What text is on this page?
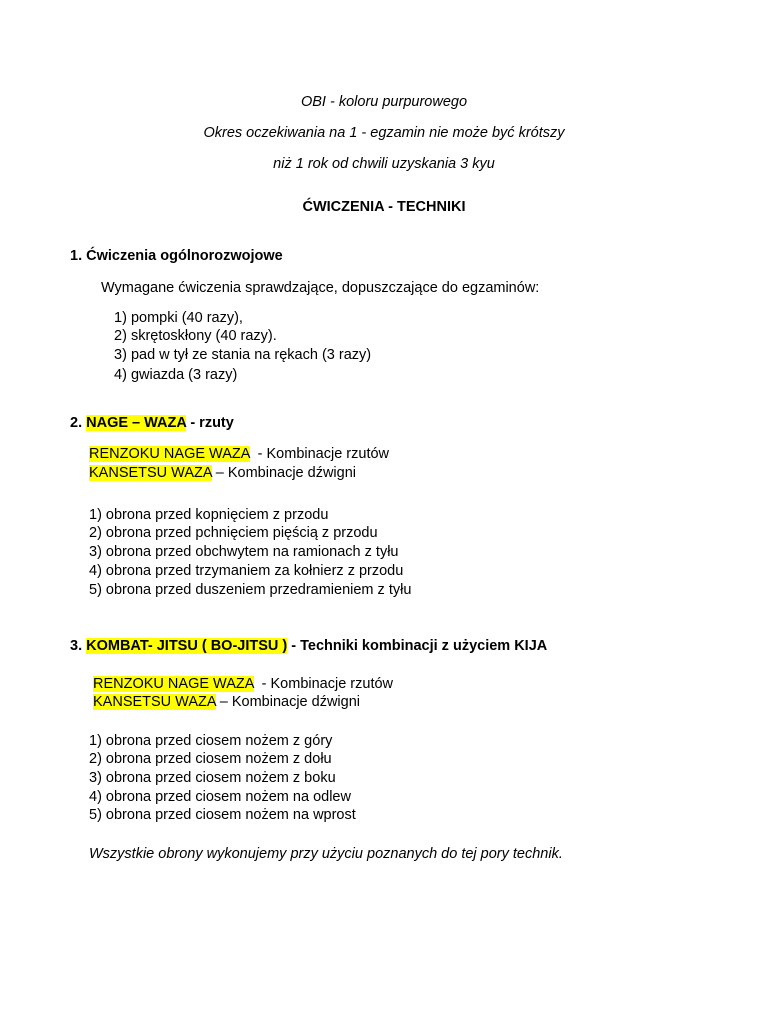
OBI - koloru purpurowego
Okres oczekiwania na 1 - egzamin nie może być krótszy
niż 1 rok od chwili uzyskania 3 kyu
ĆWICZENIA - TECHNIKI
1. Ćwiczenia ogólnorozwojowe
Wymagane ćwiczenia sprawdzające, dopuszczające do egzaminów:
1) pompki (40 razy),
2) skrętoskłony (40 razy).
3) pad w tył ze stania na rękach (3 razy)
4) gwiazda (3 razy)
2. NAGE – WAZA - rzuty
RENZOKU NAGE WAZA  - Kombinacje rzutów
KANSETSU WAZA – Kombinacje dźwigni
1) obrona przed kopnięciem z przodu
2) obrona przed pchnięciem pięścią z przodu
3) obrona przed obchwytem na ramionach z tyłu
4) obrona przed trzymaniem za kołnierz z przodu
5) obrona przed duszeniem przedramieniem z tyłu
3. KOMBAT- JITSU ( BO-JITSU ) - Techniki kombinacji z użyciem KIJA
RENZOKU NAGE WAZA  - Kombinacje rzutów
KANSETSU WAZA – Kombinacje dźwigni
1) obrona przed ciosem nożem z góry
2) obrona przed ciosem nożem z dołu
3) obrona przed ciosem nożem z boku
4) obrona przed ciosem nożem na odlew
5) obrona przed ciosem nożem na wprost
Wszystkie obrony wykonujemy przy użyciu poznanych do tej pory technik.
